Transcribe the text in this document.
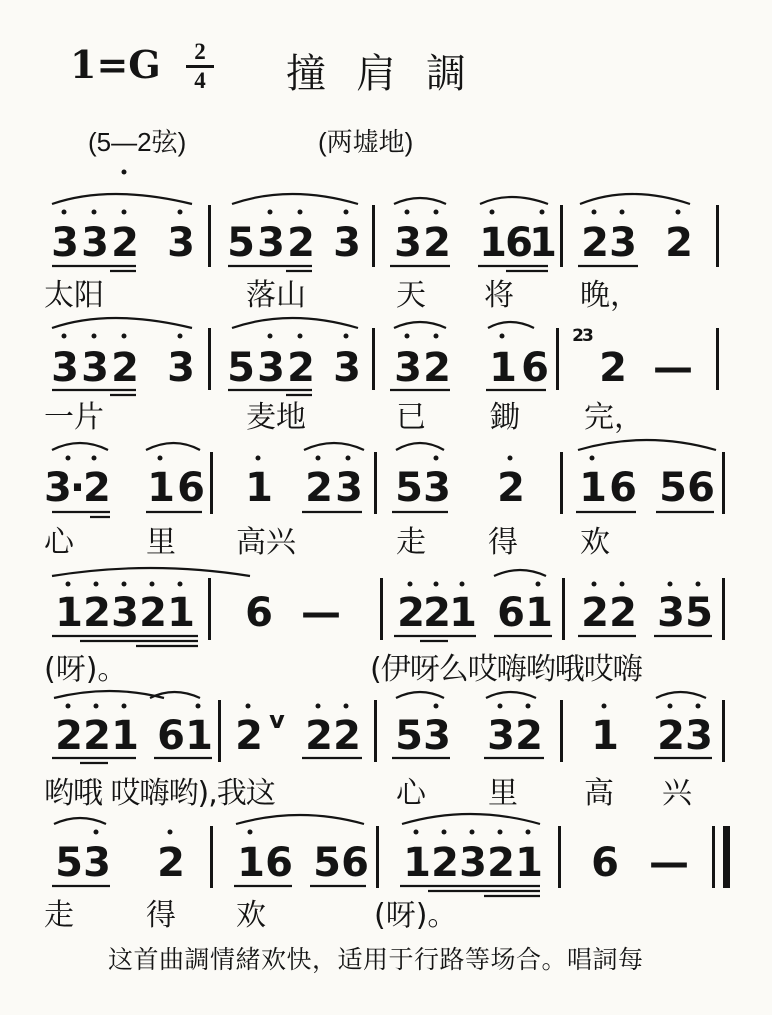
1=G	2
4 撞肩調
(5—2弦)	(两墟地)
3 3 2 3 5 3 2 3 3 2 1 6
1 2 3 2
太阳	落山	天 将 晚，
3 3 2 3 5 3 2 3 3 2 1 6
23
2 —
一片	麦地	已 鋤 完，
3·2 1 6 1 2 3 5 3 2 1 6 5 6
心 里 高兴	走 得 欢
1 2 3 2 1 6 — 2 2 1 6 1 2 2 3 5
(呀)。	(伊呀么哎嗨哟哦哎嗨
2 2 1 6 1 2 v 2 2 5 3 3 2 1 2 3
哟哦 哎嗨哟),我这	心 里 高 兴
5 3 2 1 6 5 6 1 2 3 2 1 6 —
走 得 欢	(呀)。
这首曲調情緒欢快，适用于行路等场合。唱詞每
